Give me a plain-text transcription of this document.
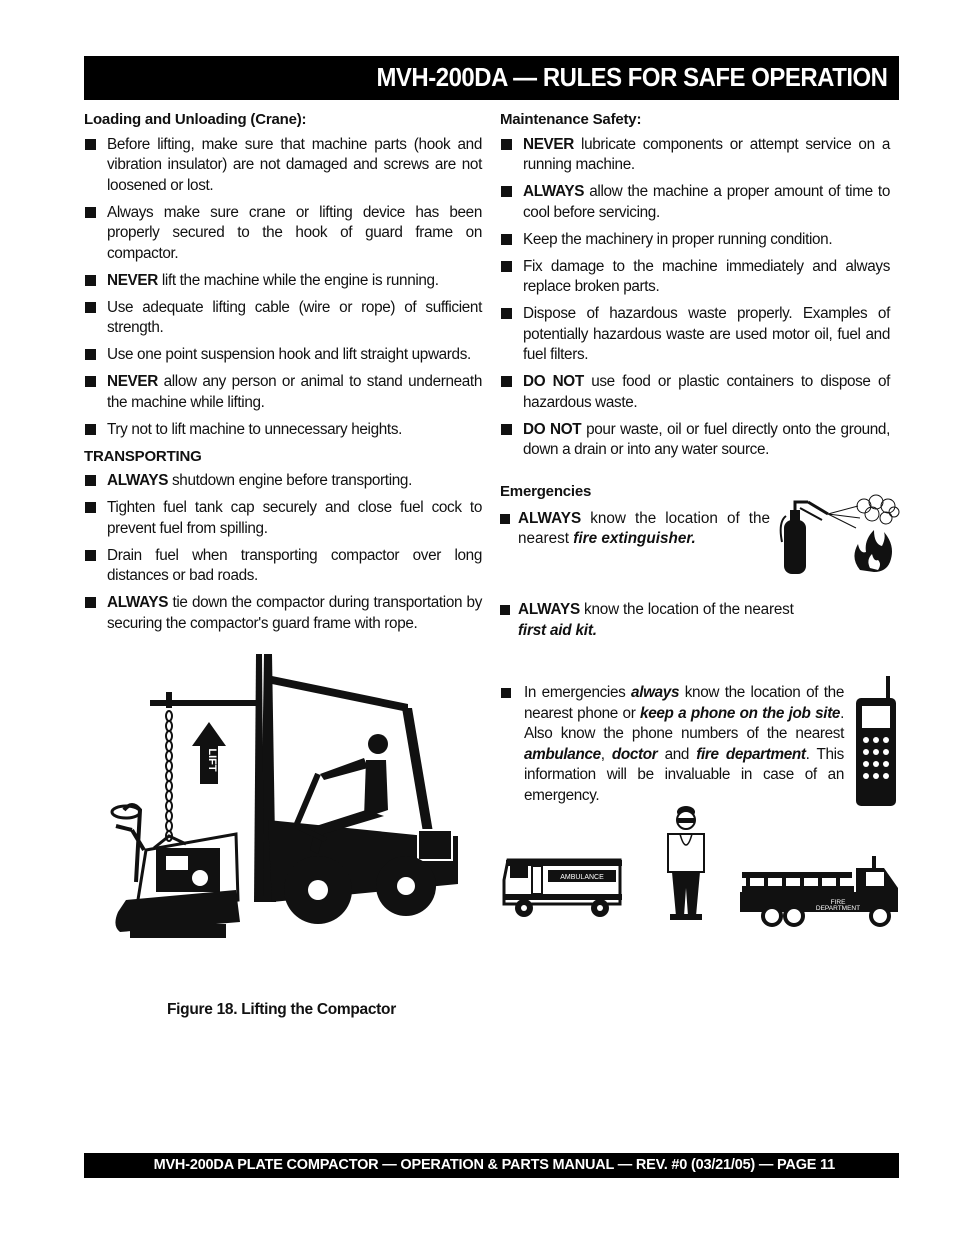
MVH-200DA — RULES FOR SAFE OPERATION
Loading and Unloading (Crane):
Before lifting, make sure that machine parts (hook and vibration insulator) are not damaged and screws are not loosened or lost.
Always make sure crane or lifting device has been properly secured to the hook of guard frame on compactor.
NEVER lift the machine while the engine is running.
Use adequate lifting cable (wire or rope) of sufficient strength.
Use one point suspension hook and lift straight upwards.
NEVER allow any person or animal to stand underneath the machine while lifting.
Try not to lift machine to unnecessary heights.
TRANSPORTING
ALWAYS shutdown engine before transporting.
Tighten fuel tank cap securely and close fuel cock to prevent fuel from spilling.
Drain fuel when transporting compactor over long distances or bad roads.
ALWAYS tie down the compactor during transportation by securing the compactor's guard frame with rope.
Maintenance Safety:
NEVER lubricate components or attempt service on a running machine.
ALWAYS allow the machine a proper amount of time to cool before servicing.
Keep the machinery in proper running condition.
Fix damage to the machine immediately and always replace broken parts.
Dispose of hazardous waste properly. Examples of potentially hazardous waste are used motor oil, fuel and fuel filters.
DO NOT use food or plastic containers to dispose of hazardous waste.
DO NOT pour waste, oil or fuel directly onto the ground, down a drain or into any water source.
Emergencies
ALWAYS know the location of the nearest fire extinguisher.
ALWAYS know the location of the nearest
first aid kit.
In emergencies always know the location of the nearest phone or keep a phone on the job site. Also know the phone numbers of the nearest ambulance, doctor and fire department. This information will be invaluable in case of an emergency.
AMBULANCE
FIRE
DEPARTMENT
LIFT
Figure 18. Lifting the Compactor
MVH-200DA PLATE COMPACTOR — OPERATION & PARTS MANUAL — REV. #0 (03/21/05) — PAGE 11
